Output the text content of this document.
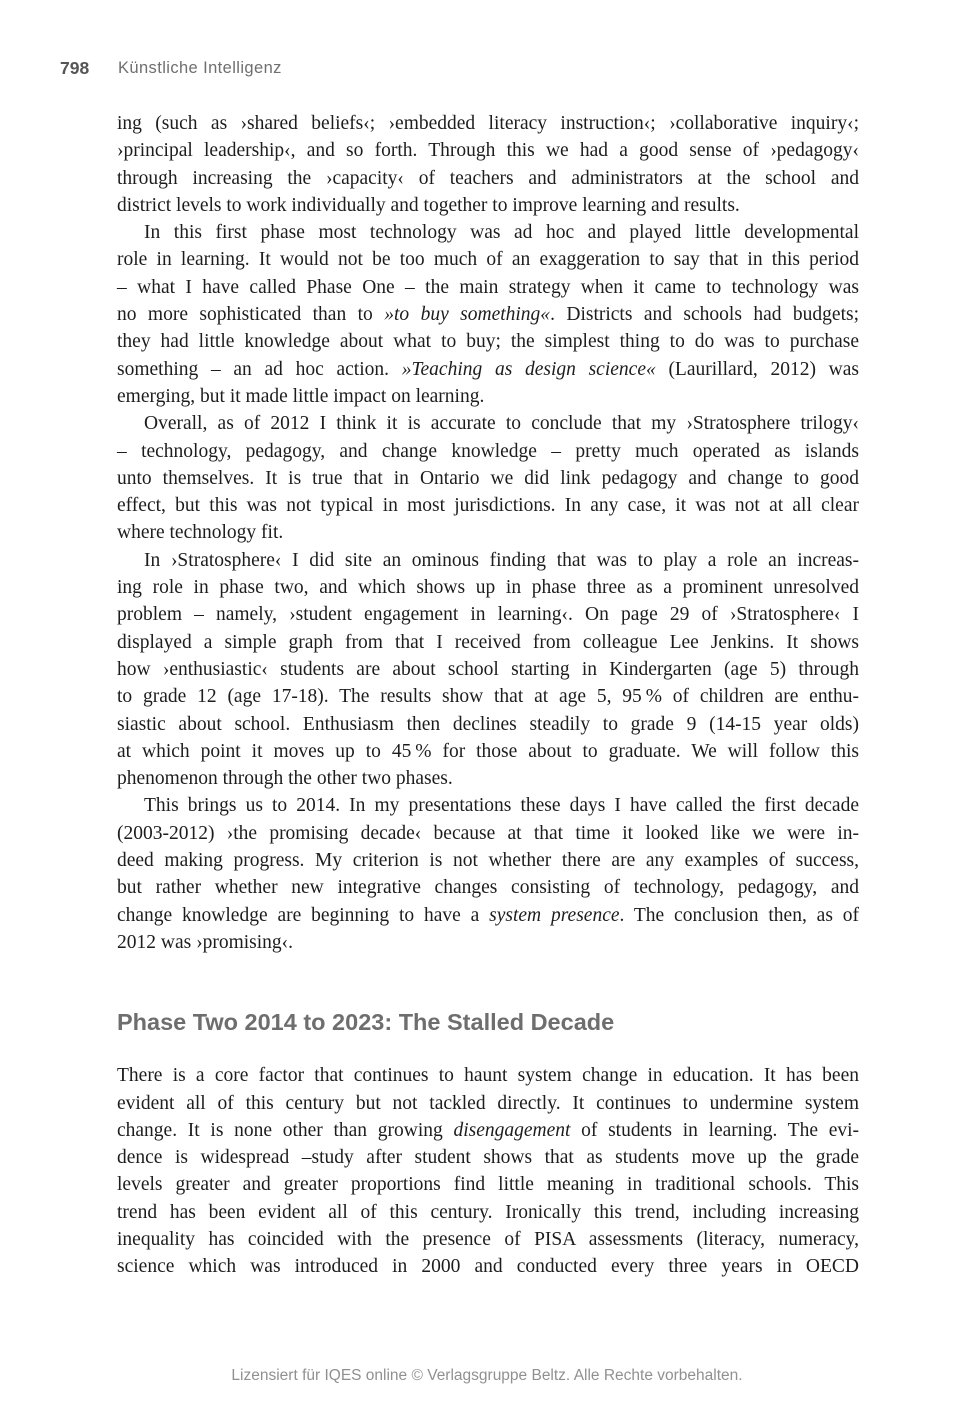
798 Künstliche Intelligenz
ing (such as ›shared beliefs‹; ›embedded literacy instruction‹; ›collaborative inquiry‹;
›principal leadership‹, and so forth. Through this we had a good sense of ›pedagogy‹
through increasing the ›capacity‹ of teachers and administrators at the school and
district levels to work individually and together to improve learning and results.
In this first phase most technology was ad hoc and played little developmental
role in learning. It would not be too much of an exaggeration to say that in this period
– what I have called Phase One – the main strategy when it came to technology was
no more sophisticated than to »to buy something«. Districts and schools had budgets;
they had little knowledge about what to buy; the simplest thing to do was to purchase
something – an ad hoc action. »Teaching as design science« (Laurillard, 2012) was
emerging, but it made little impact on learning.
Overall, as of 2012 I think it is accurate to conclude that my ›Stratosphere trilogy‹
– technology, pedagogy, and change knowledge – pretty much operated as islands
unto themselves. It is true that in Ontario we did link pedagogy and change to good
effect, but this was not typical in most jurisdictions. In any case, it was not at all clear
where technology fit.
In ›Stratosphere‹ I did site an ominous finding that was to play a role an increas-
ing role in phase two, and which shows up in phase three as a prominent unresolved
problem – namely, ›student engagement in learning‹. On page 29 of ›Stratosphere‹ I
displayed a simple graph from that I received from colleague Lee Jenkins. It shows
how ›enthusiastic‹ students are about school starting in Kindergarten (age 5) through
to grade 12 (age 17-18). The results show that at age 5, 95 % of children are enthu-
siastic about school. Enthusiasm then declines steadily to grade 9 (14-15 year olds)
at which point it moves up to 45 % for those about to graduate. We will follow this
phenomenon through the other two phases.
This brings us to 2014. In my presentations these days I have called the first decade
(2003-2012) ›the promising decade‹ because at that time it looked like we were in-
deed making progress. My criterion is not whether there are any examples of success,
but rather whether new integrative changes consisting of technology, pedagogy, and
change knowledge are beginning to have a system presence. The conclusion then, as of
2012 was ›promising‹.
Phase Two 2014 to 2023: The Stalled Decade
There is a core factor that continues to haunt system change in education. It has been
evident all of this century but not tackled directly. It continues to undermine system
change. It is none other than growing disengagement of students in learning. The evi-
dence is widespread –study after student shows that as students move up the grade
levels greater and greater proportions find little meaning in traditional schools. This
trend has been evident all of this century. Ironically this trend, including increasing
inequality has coincided with the presence of PISA assessments (literacy, numeracy,
science which was introduced in 2000 and conducted every three years in OECD
Lizensiert für IQES online © Verlagsgruppe Beltz. Alle Rechte vorbehalten.
